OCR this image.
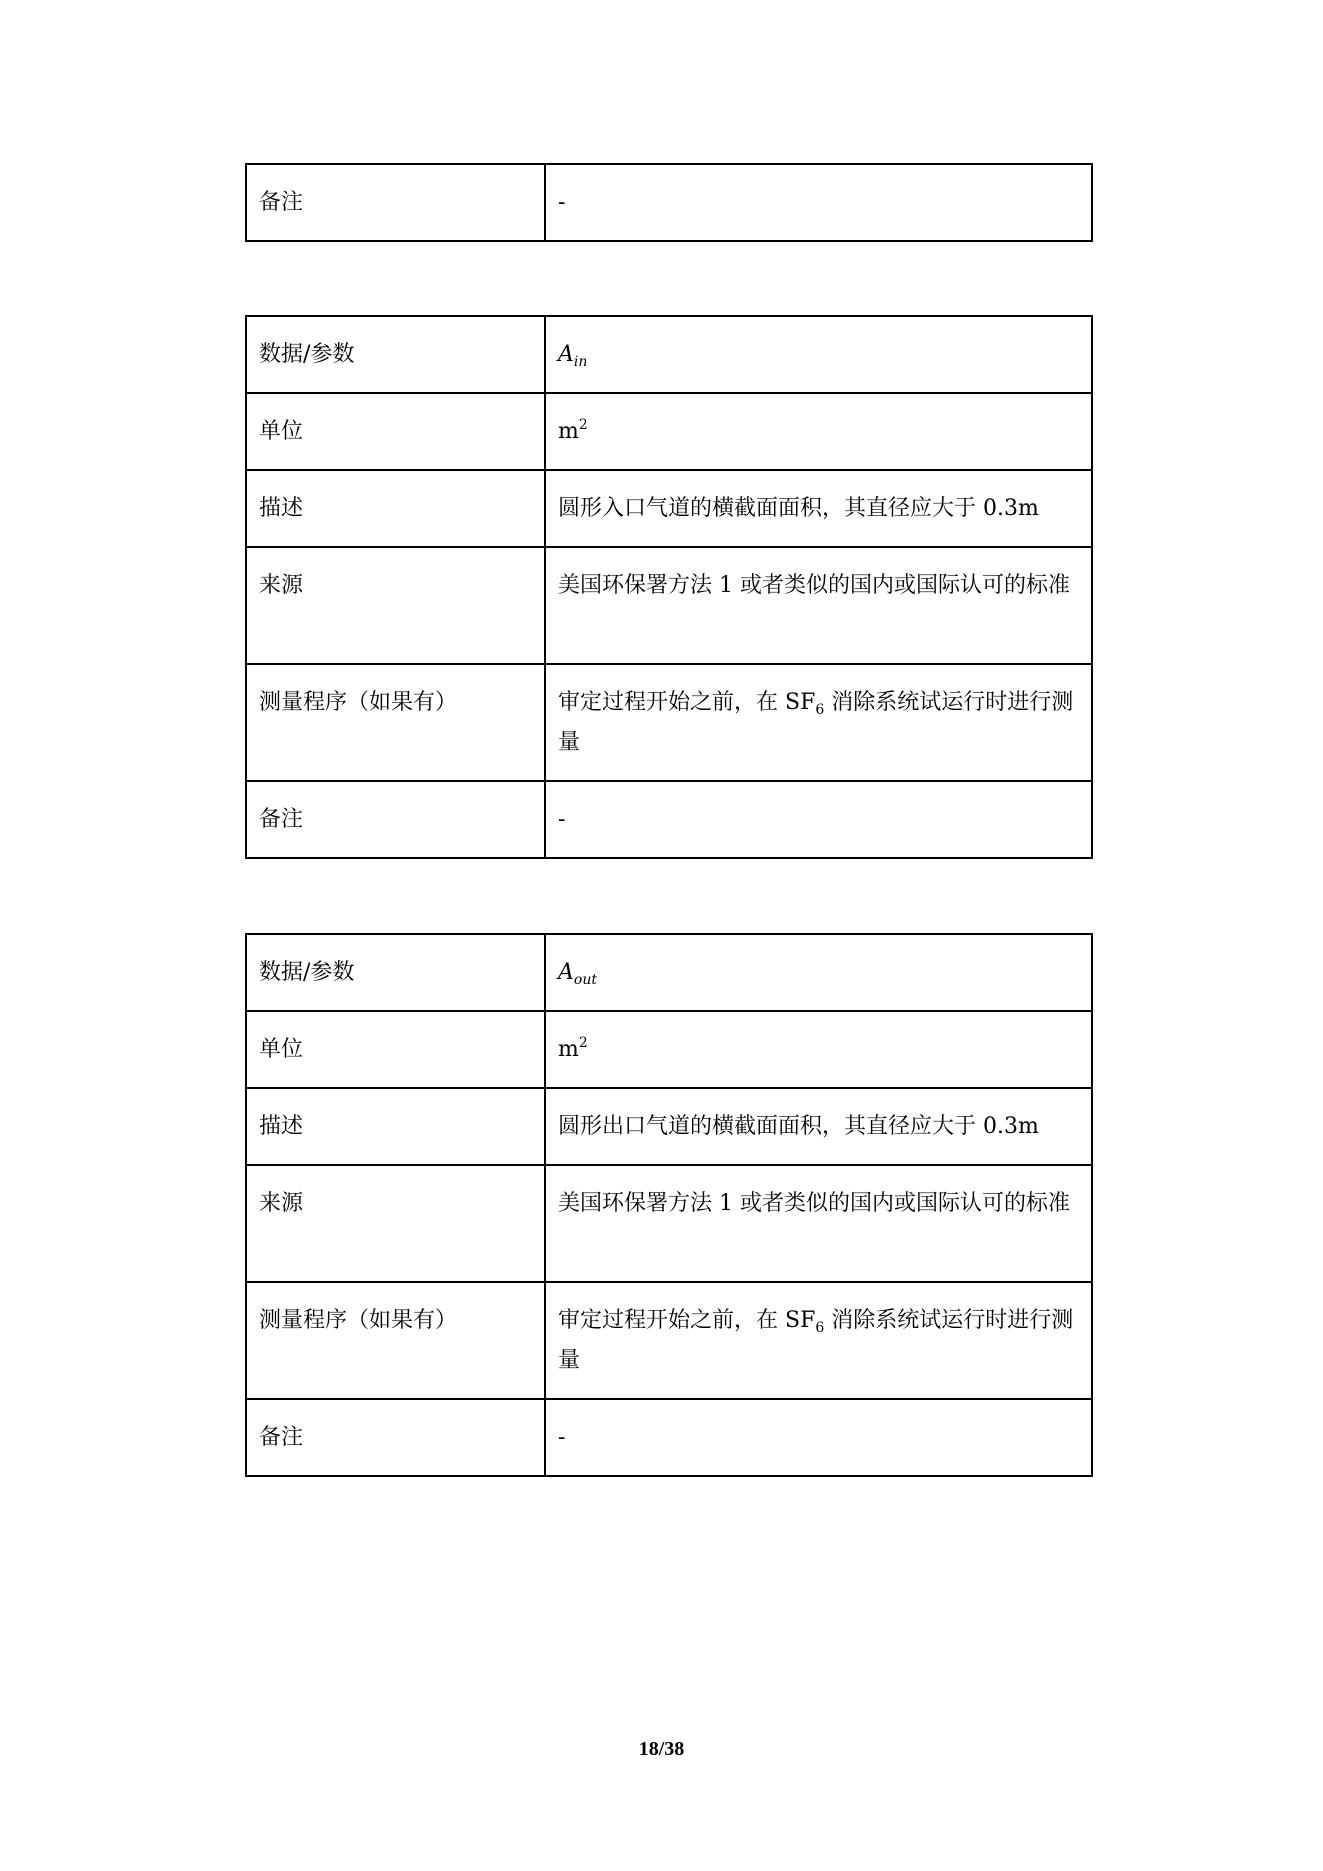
备注	-
数据/参数	$A_{in}$
单位	$m^2$
描述	圆形入口气道的横截面面积，其直径应大于 0.3m
来源	美国环保署方法 1 或者类似的国内或国际认可的标准
测量程序（如果有）	审定过程开始之前，在 $SF_6$ 消除系统试运行时进行测量
备注	-
数据/参数	$A_{out}$
单位	$m^2$
描述	圆形出口气道的横截面面积，其直径应大于 0.3m
来源	美国环保署方法 1 或者类似的国内或国际认可的标准
测量程序（如果有）	审定过程开始之前，在 $SF_6$ 消除系统试运行时进行测量
备注	-
18/38
